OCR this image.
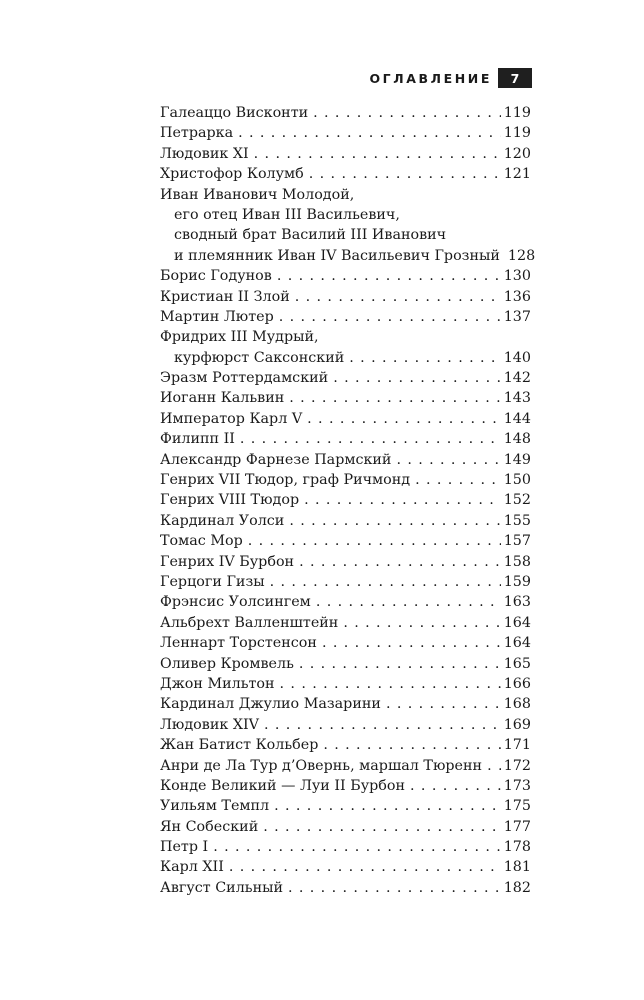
ОГЛАВЛЕНИЕ	7
Галеаццо Висконти . . .	119
Петрарка . . .	119
Людовик XI . . .	120
Христофор Колумб . . .	121
Иван Иванович Молодой,
его отец Иван III Васильевич,
сводный брат Василий III Иванович
и племянник Иван IV Васильевич Грозный 128
Борис Годунов . . .	130
Кристиан II Злой . . .	136
Мартин Лютер . . .	137
Фридрих III Мудрый,
курфюрст Саксонский . . .	140
Эразм Роттердамский . . .	142
Иоганн Кальвин . . .	143
Император Карл V . . .	144
Филипп II . . .	148
Александр Фарнезе Пармский . . .	149
Генрих VII Тюдор, граф Ричмонд . . .	150
Генрих VIII Тюдор . . .	152
Кардинал Уолси . . .	155
Томас Мор . . .	157
Генрих IV Бурбон . . .	158
Герцоги Гизы . . .	159
Фрэнсис Уолсингем . . .	163
Альбрехт Валленштейн . . .	164
Леннарт Торстенсон . . .	164
Оливер Кромвель . . .	165
Джон Мильтон . . .	166
Кардинал Джулио Мазарини . . .	168
Людовик XIV . . .	169
Жан Батист Кольбер . . .	171
Анри де Ла Тур д’Овернь, маршал Тюренн . . . 172
Конде Великий — Луи II Бурбон . . .	173
Уильям Темпл . . .	175
Ян Собеский . . .	177
Петр I . . .	178
Карл XII . . .	181
Август Сильный . . .	182
